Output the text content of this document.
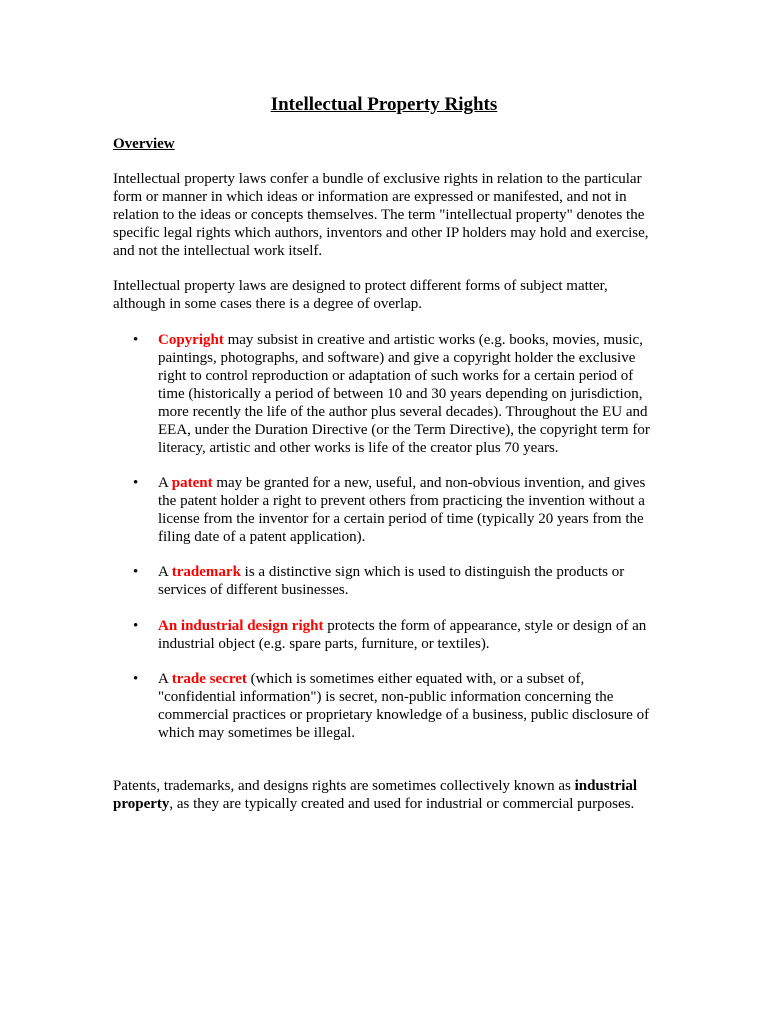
Intellectual Property Rights
Overview

Intellectual property laws confer a bundle of exclusive rights in relation to the particular form or manner in which ideas or information are expressed or manifested, and not in relation to the ideas or concepts themselves. The term "intellectual property" denotes the specific legal rights which authors, inventors and other IP holders may hold and exercise, and not the intellectual work itself.

Intellectual property laws are designed to protect different forms of subject matter, although in some cases there is a degree of overlap.

• Copyright may subsist in creative and artistic works (e.g. books, movies, music, paintings, photographs, and software) and give a copyright holder the exclusive right to control reproduction or adaptation of such works for a certain period of time (historically a period of between 10 and 30 years depending on jurisdiction, more recently the life of the author plus several decades). Throughout the EU and EEA, under the Duration Directive (or the Term Directive), the copyright term for literacy, artistic and other works is life of the creator plus 70 years.
• A patent may be granted for a new, useful, and non-obvious invention, and gives the patent holder a right to prevent others from practicing the invention without a license from the inventor for a certain period of time (typically 20 years from the filing date of a patent application).
• A trademark is a distinctive sign which is used to distinguish the products or services of different businesses.
• An industrial design right protects the form of appearance, style or design of an industrial object (e.g. spare parts, furniture, or textiles).
• A trade secret (which is sometimes either equated with, or a subset of, "confidential information") is secret, non-public information concerning the commercial practices or proprietary knowledge of a business, public disclosure of which may sometimes be illegal.

Patents, trademarks, and designs rights are sometimes collectively known as industrial property, as they are typically created and used for industrial or commercial purposes.
